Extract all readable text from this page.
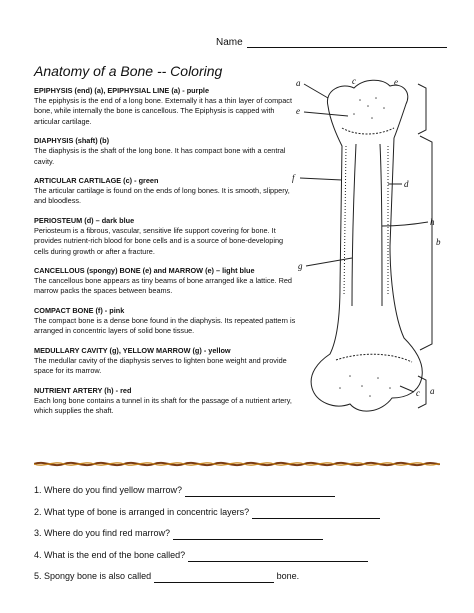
Name
Anatomy of a Bone -- Coloring
EPIPHYSIS (end) (a), EPIPHYSIAL LINE (a) - purple
The epiphysis is the end of a long bone. Externally it has a thin layer of compact bone, while internally the bone is cancellous. The Epiphysis is capped with articular cartilage.
DIAPHYSIS (shaft) (b)
The diaphysis is the shaft of the long bone. It has compact bone with a central cavity.
ARTICULAR CARTILAGE (c) - green
The articular cartilage is found on the ends of long bones. It is smooth, slippery, and bloodless.
PERIOSTEUM (d) – dark blue
Periosteum is a fibrous, vascular, sensitive life support covering for bone. It provides nutrient-rich blood for bone cells and is a source of bone-developing cells during growth or after a fracture.
CANCELLOUS (spongy) BONE (e) and MARROW (e) – light blue
The cancellous bone appears as tiny beams of bone arranged like a lattice. Red marrow packs the spaces between beams.
COMPACT BONE (f) - pink
The compact bone is a dense bone found in the diaphysis. Its repeated pattern is arranged in concentric layers of solid bone tissue.
MEDULLARY CAVITY (g), YELLOW MARROW (g) - yellow
The medullar cavity of the diaphysis serves to lighten bone weight and provide space for its marrow.
NUTRIENT ARTERY (h) - red
Each long bone contains a tunnel in its shaft for the passage of a nutrient artery, which supplies the shaft.
a	c	e
e
f
d
g
h
b
c a
1. Where do you find yellow marrow?
2. What type of bone is arranged in concentric layers?
3. Where do you find red marrow?
4. What is the end of the bone called?
5. Spongy bone is also called	bone.
